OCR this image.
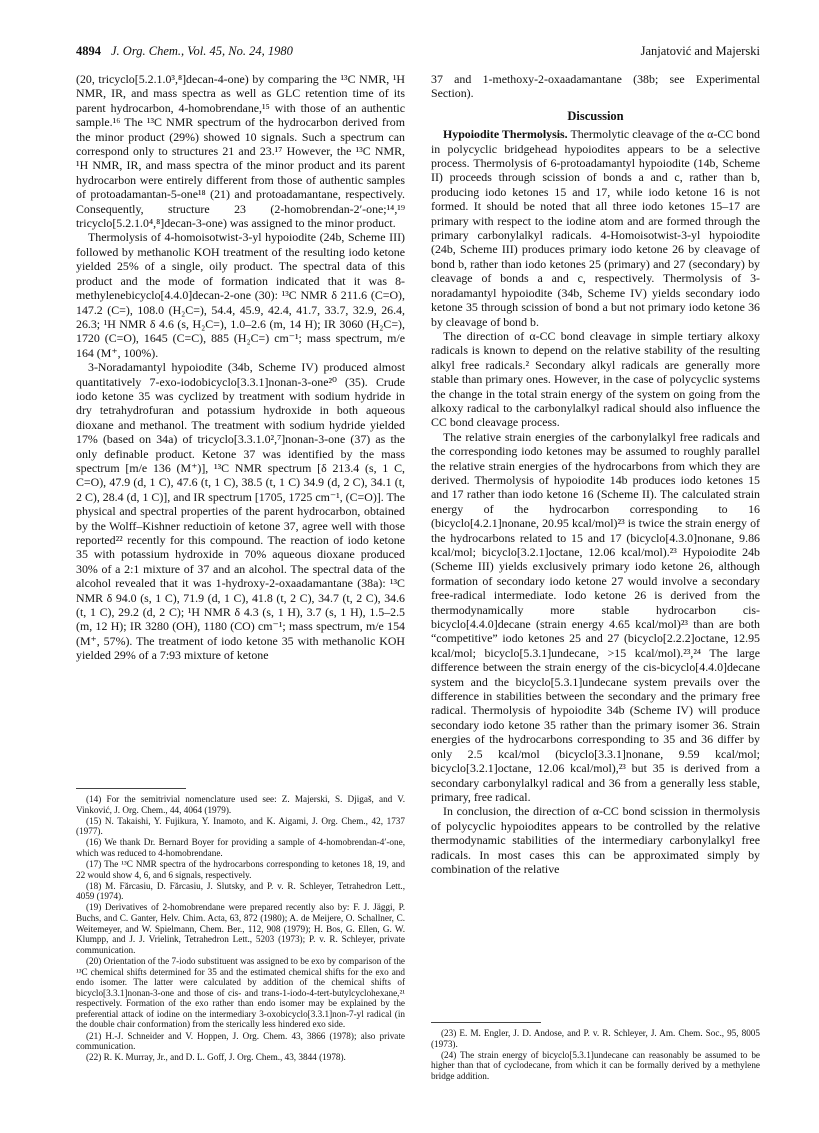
4894 J. Org. Chem., Vol. 45, No. 24, 1980	Janjatović and Majerski

(20, tricyclo[5.2.1.0³,⁸]decan-4-one) by comparing the ¹³C NMR, ¹H NMR, IR, and mass spectra as well as GLC retention time of its parent hydrocarbon, 4-homobrendane,¹⁵ with those of an authentic sample.¹⁶ The ¹³C NMR spectrum of the hydrocarbon derived from the minor product (29%) showed 10 signals. Such a spectrum can correspond only to structures 21 and 23.¹⁷ However, the ¹³C NMR, ¹H NMR, IR, and mass spectra of the minor product and its parent hydrocarbon were entirely different from those of authentic samples of protoadamantan-5-one¹⁸ (21) and protoadamantane, respectively. Consequently, structure 23 (2-homobrendan-2′-one;¹⁴,¹⁹ tricyclo[5.2.1.0⁴,⁸]decan-3-one) was assigned to the minor product.

Thermolysis of 4-homoisotwist-3-yl hypoiodite (24b, Scheme III) followed by methanolic KOH treatment of the resulting iodo ketone yielded 25% of a single, oily product. The spectral data of this product and the mode of formation indicated that it was 8-methylenebicyclo[4.4.0]decan-2-one (30): ¹³C NMR δ 211.6 (C=O), 147.2 (C=), 108.0 (H₂C=), 54.4, 45.9, 42.4, 41.7, 33.7, 32.9, 26.4, 26.3; ¹H NMR δ 4.6 (s, H₂C=), 1.0–2.6 (m, 14 H); IR 3060 (H₂C=), 1720 (C=O), 1645 (C=C), 885 (H₂C=) cm⁻¹; mass spectrum, m/e 164 (M⁺, 100%).

3-Noradamantyl hypoiodite (34b, Scheme IV) produced almost quantitatively 7-exo-iodobicyclo[3.3.1]nonan-3-one²⁰ (35). Crude iodo ketone 35 was cyclized by treatment with sodium hydride in dry tetrahydrofuran and potassium hydroxide in both aqueous dioxane and methanol. The treatment with sodium hydride yielded 17% (based on 34a) of tricyclo[3.3.1.0²,⁷]nonan-3-one (37) as the only definable product. Ketone 37 was identified by the mass spectrum [m/e 136 (M⁺)], ¹³C NMR spectrum [δ 213.4 (s, 1 C, C=O), 47.9 (d, 1 C), 47.6 (t, 1 C), 38.5 (t, 1 C) 34.9 (d, 2 C), 34.1 (t, 2 C), 28.4 (d, 1 C)], and IR spectrum [1705, 1725 cm⁻¹, (C=O)]. The physical and spectral properties of the parent hydrocarbon, obtained by the Wolff–Kishner reductioin of ketone 37, agree well with those reported²² recently for this compound. The reaction of iodo ketone 35 with potassium hydroxide in 70% aqueous dioxane produced 30% of a 2:1 mixture of 37 and an alcohol. The spectral data of the alcohol revealed that it was 1-hydroxy-2-oxaadamantane (38a): ¹³C NMR δ 94.0 (s, 1 C), 71.9 (d, 1 C), 41.8 (t, 2 C), 34.7 (t, 2 C), 34.6 (t, 1 C), 29.2 (d, 2 C); ¹H NMR δ 4.3 (s, 1 H), 3.7 (s, 1 H), 1.5–2.5 (m, 12 H); IR 3280 (OH), 1180 (CO) cm⁻¹; mass spectrum, m/e 154 (M⁺, 57%). The treatment of iodo ketone 35 with methanolic KOH yielded 29% of a 7:93 mixture of ketone

(14) For the semitrivial nomenclature used see: Z. Majerski, S. Djigaš, and V. Vinković, J. Org. Chem., 44, 4064 (1979).

(15) N. Takaishi, Y. Fujikura, Y. Inamoto, and K. Aigami, J. Org. Chem., 42, 1737 (1977).

(16) We thank Dr. Bernard Boyer for providing a sample of 4-homobrendan-4′-one, which was reduced to 4-homobrendane.

(17) The ¹³C NMR spectra of the hydrocarbons corresponding to ketones 18, 19, and 22 would show 4, 6, and 6 signals, respectively.

(18) M. Fărcasiu, D. Fărcasiu, J. Slutsky, and P. v. R. Schleyer, Tetrahedron Lett., 4059 (1974).

(19) Derivatives of 2-homobrendane were prepared recently also by: F. J. Jäggi, P. Buchs, and C. Ganter, Helv. Chim. Acta, 63, 872 (1980); A. de Meijere, O. Schallner, C. Weitemeyer, and W. Spielmann, Chem. Ber., 112, 908 (1979); H. Bos, G. Ellen, G. W. Klumpp, and J. J. Vrielink, Tetrahedron Lett., 5203 (1973); P. v. R. Schleyer, private communication.

(20) Orientation of the 7-iodo substituent was assigned to be exo by comparison of the ¹³C chemical shifts determined for 35 and the estimated chemical shifts for the exo and endo isomer. The latter were calculated by addition of the chemical shifts of bicyclo[3.3.1]nonan-3-one and those of cis- and trans-1-iodo-4-tert-butylcyclohexane,²¹ respectively. Formation of the exo rather than endo isomer may be explained by the preferential attack of iodine on the intermediary 3-oxobicyclo[3.3.1]non-7-yl radical (in the double chair conformation) from the sterically less hindered exo side.

(21) H.-J. Schneider and V. Hoppen, J. Org. Chem. 43, 3866 (1978); also private communication.

(22) R. K. Murray, Jr., and D. L. Goff, J. Org. Chem., 43, 3844 (1978).

37 and 1-methoxy-2-oxaadamantane (38b; see Experimental Section).

Discussion

Hypoiodite Thermolysis. Thermolytic cleavage of the α-CC bond in polycyclic bridgehead hypoiodites appears to be a selective process. Thermolysis of 6-protoadamantyl hypoiodite (14b, Scheme II) proceeds through scission of bonds a and c, rather than b, producing iodo ketones 15 and 17, while iodo ketone 16 is not formed. It should be noted that all three iodo ketones 15–17 are primary with respect to the iodine atom and are formed through the primary carbonylalkyl radicals. 4-Homoisotwist-3-yl hypoiodite (24b, Scheme III) produces primary iodo ketone 26 by cleavage of bond b, rather than iodo ketones 25 (primary) and 27 (secondary) by cleavage of bonds a and c, respectively. Thermolysis of 3-noradamantyl hypoiodite (34b, Scheme IV) yields secondary iodo ketone 35 through scission of bond a but not primary iodo ketone 36 by cleavage of bond b.

The direction of α-CC bond cleavage in simple tertiary alkoxy radicals is known to depend on the relative stability of the resulting alkyl free radicals.² Secondary alkyl radicals are generally more stable than primary ones. However, in the case of polycyclic systems the change in the total strain energy of the system on going from the alkoxy radical to the carbonylalkyl radical should also influence the CC bond cleavage process.

The relative strain energies of the carbonylalkyl free radicals and the corresponding iodo ketones may be assumed to roughly parallel the relative strain energies of the hydrocarbons from which they are derived. Thermolysis of hypoiodite 14b produces iodo ketones 15 and 17 rather than iodo ketone 16 (Scheme II). The calculated strain energy of the hydrocarbon corresponding to 16 (bicyclo[4.2.1]nonane, 20.95 kcal/mol)²³ is twice the strain energy of the hydrocarbons related to 15 and 17 (bicyclo[4.3.0]nonane, 9.86 kcal/mol; bicyclo[3.2.1]octane, 12.06 kcal/mol).²³ Hypoiodite 24b (Scheme III) yields exclusively primary iodo ketone 26, although formation of secondary iodo ketone 27 would involve a secondary free-radical intermediate. Iodo ketone 26 is derived from the thermodynamically more stable hydrocarbon cis-bicyclo[4.4.0]decane (strain energy 4.65 kcal/mol)²³ than are both “competitive” iodo ketones 25 and 27 (bicyclo[2.2.2]octane, 12.95 kcal/mol; bicyclo[5.3.1]undecane, >15 kcal/mol).²³,²⁴ The large difference between the strain energy of the cis-bicyclo[4.4.0]decane system and the bicyclo[5.3.1]undecane system prevails over the difference in stabilities between the secondary and the primary free radical. Thermolysis of hypoiodite 34b (Scheme IV) will produce secondary iodo ketone 35 rather than the primary isomer 36. Strain energies of the hydrocarbons corresponding to 35 and 36 differ by only 2.5 kcal/mol (bicyclo[3.3.1]nonane, 9.59 kcal/mol; bicyclo[3.2.1]octane, 12.06 kcal/mol),²³ but 35 is derived from a secondary carbonylalkyl radical and 36 from a generally less stable, primary, free radical.

In conclusion, the direction of α-CC bond scission in thermolysis of polycyclic hypoiodites appears to be controlled by the relative thermodynamic stabilities of the intermediary carbonylalkyl free radicals. In most cases this can be approximated simply by combination of the relative

(23) E. M. Engler, J. D. Andose, and P. v. R. Schleyer, J. Am. Chem. Soc., 95, 8005 (1973).

(24) The strain energy of bicyclo[5.3.1]undecane can reasonably be assumed to be higher than that of cyclodecane, from which it can be formally derived by a methylene bridge addition.
